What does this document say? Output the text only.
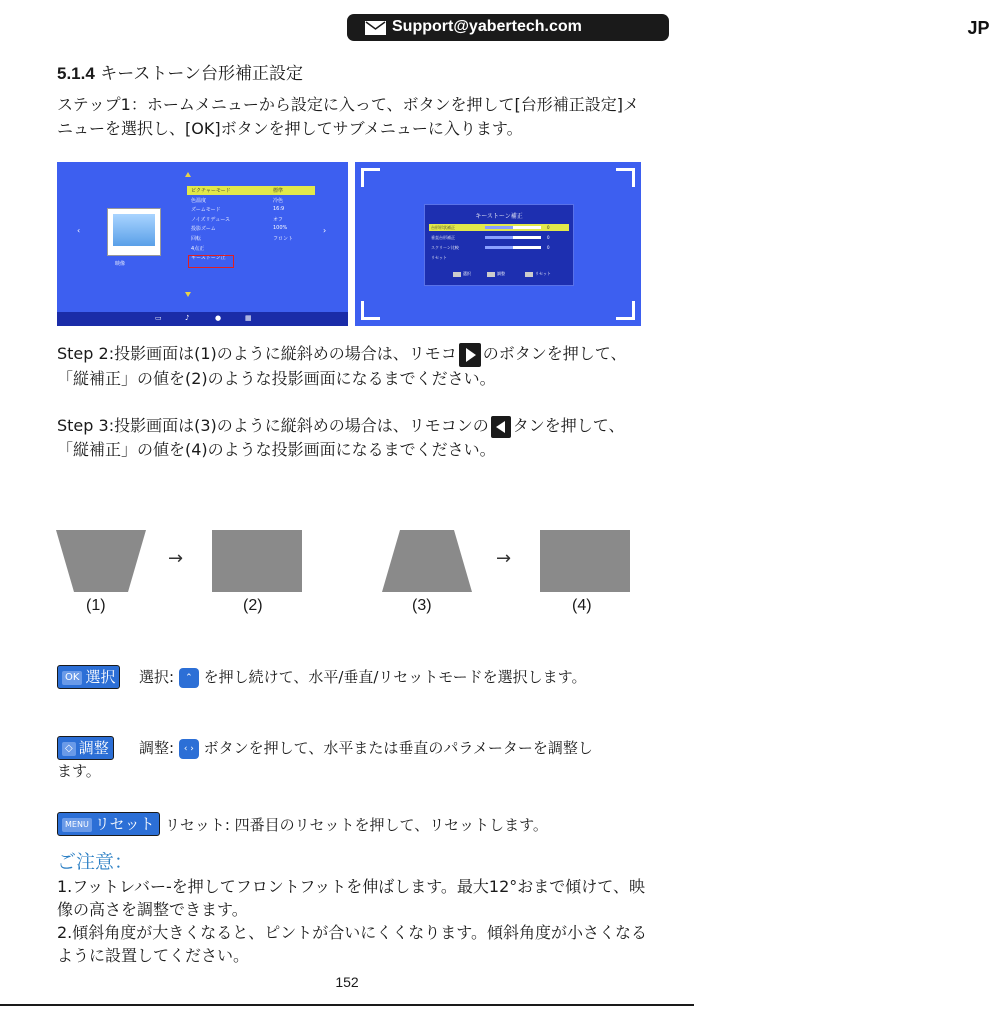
Support@yabertech.com	JP
5.1.4 キーストーン台形補正設定
ステップ1：ホームメニューから設定に入って、ボタンを押して[台形補正設定]メ
ニューを選択し、[OK]ボタンを押してサブメニューに入ります。
‹	›
映像
ピクチャーモード	標準
色温度	冷色
ズームモード	16:9
ノイズリデュース	オフ
投影ズーム	100%
回転	フロント
4点正
キーストーン正
▭	♪	●	▦
キーストーン補正
台形形状補正	0
垂直台形補正	0
スクリーン比較	0
リセット
選択	調整	リセット
Step 2:投影画面は(1)のように縦斜めの場合は、リモコ のボタンを押して、
「縦補正」の値を(2)のような投影画面になるまでください。
Step 3:投影画面は(3)のように縦斜めの場合は、リモコンの タンを押して、
「縦補正」の値を(4)のような投影画面になるまでください。
→	→
(1)	(2)	(3)	(4)
OK 選択	選択: ⌃ を押し続けて、水平/垂直/リセットモードを選択します。
◇ 調整	調整: ‹ › ボタンを押して、水平または垂直のパラメーターを調整し
ます。
MENU リセット リセット: 四番目のリセットを押して、リセットします。
ご注意：
1.フットレバー-を押してフロントフットを伸ばします。最大12°おまで傾けて、映
像の高さを調整できます。
2.傾斜角度が大きくなると、ピントが合いにくくなります。傾斜角度が小さくなる
ように設置してください。
152
